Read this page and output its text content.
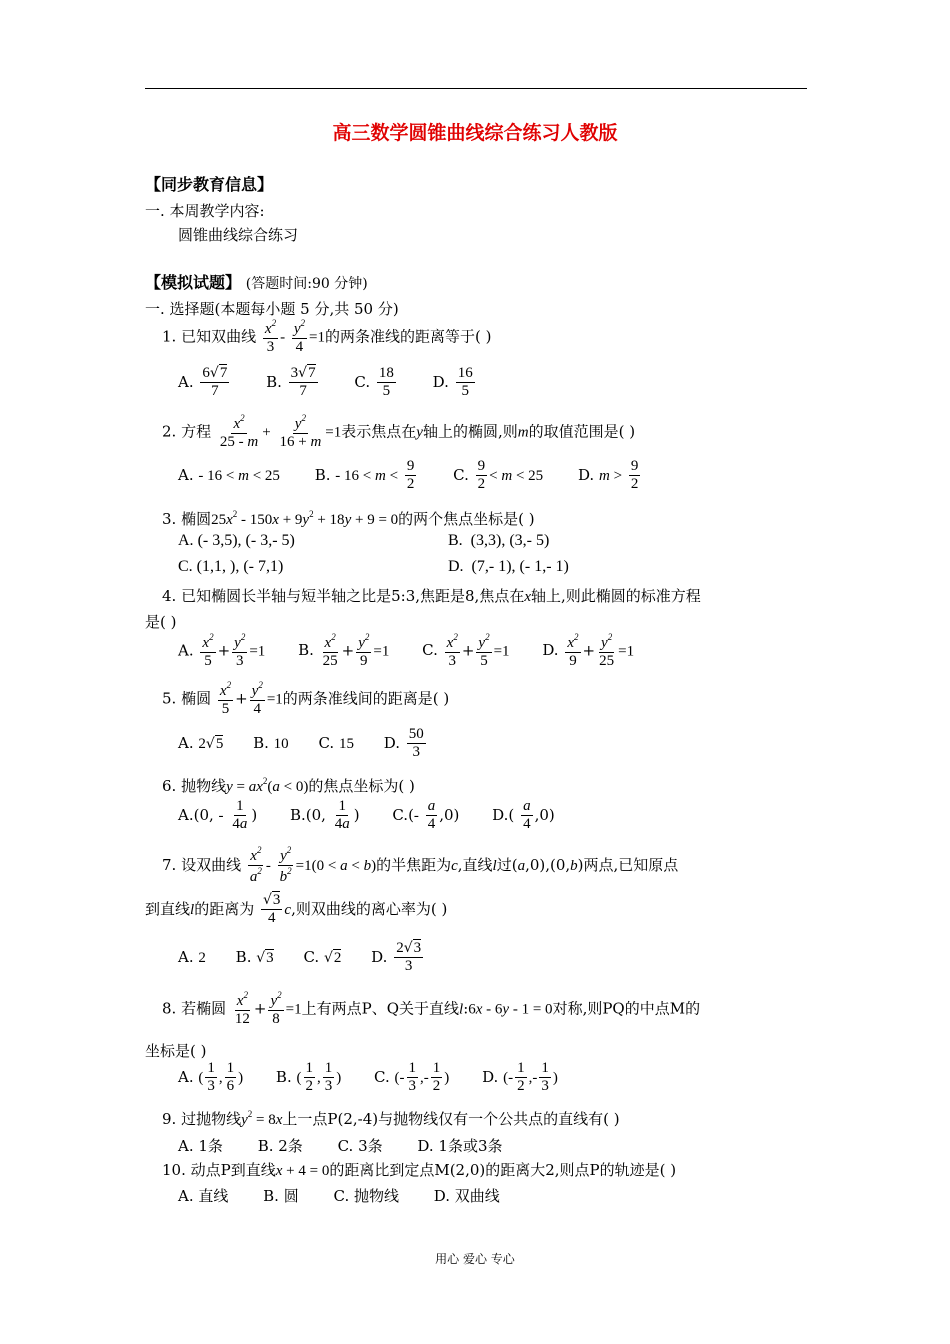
高三数学圆锥曲线综合练习人教版
【同步教育信息】
一. 本周教学内容:
圆锥曲线综合练习
【模拟试题】 (答题时间:90 分钟)
一. 选择题(本题每小题 5 分,共 50 分)
1. 已知双曲线 $\frac{x^2}{3} - \frac{y^2}{4} =1$的两条准线的距离等于( )
A. $\frac{6√7}{7} B$. $\frac{3√7}{7} C$. $\frac{18}{5} D$. $\frac{16}{5}$
2. 方程 $\frac{x^2}{25 - m} + \frac{y^2}{16 + m} =1$表示焦点在y轴上的椭圆,则m的取值范围是( )
A. - 16 < m < 25 B. - $16 < m < \frac{9}{2} C$. $\frac{9}{2} < m < 25$ D. $m > \frac{9}{2}$
3. 椭圆$25x^2 - 150x + 9y^2 + 18y + 9 = 0$的两个焦点坐标是( )
A. (- 3,5), (- 3,- 5)	B.  (3,3), (3,- 5)
C. (1,1, ), (- 7,1)	D.  (7,- 1), (- 1,- 1)
4. 已知椭圆长半轴与短半轴之比是5:3,焦距是8,焦点在x轴上,则此椭圆的标准方程
是( )
A. $\frac{x^2}{5} + \frac{y^2}{3} =1$ B. $\frac{x^2}{25} + \frac{y^2}{9} =1$ C. $\frac{x^2}{3} + \frac{y^2}{5} =1$ D. $\frac{x^2}{9} + \frac{y^2}{25} =1$
5. 椭圆 $\frac{x^2}{5} + \frac{y^2}{4} =1$的两条准线间的距离是( )
A. 2√5 B. 10 C. 15 D. $\frac{50}{3}$
6. 抛物线$y = ax^2(a < 0)$的焦点坐标为( )
A.(0, - $\frac{1}{4a}$ ) B.(0, $\frac{1}{4a}$ ) $C.(- \frac{a}{4} ,0)$ $D.( \frac{a}{4} ,0)$
7. 设双曲线 $\frac{x^2}{a^2} - \frac{y^2}{b^2} =1(0 < a < b)$的半焦距为c,直线l过(a,0),(0,b)两点,已知原点
到直线l的距离为 $\frac{√3}{4} c$,则双曲线的离心率为( )
A. 2 B. √3 C. √2 D. $\frac{2√3}{3}$
8. 若椭圆 $\frac{x^2}{12} + \frac{y^2}{8} =1$上有两点P、Q关于直线l:6x - 6y - 1 = 0对称,则PQ的中点M的
坐标是( )
A. ( $\frac{1}{3}$ , $\frac{1}{6}$ ) B. ( $\frac{1}{2}$ , $\frac{1}{3}$ ) C. (- $\frac{1}{3}$ ,- $\frac{1}{2}$ ) D. (- $\frac{1}{2}$ ,- $\frac{1}{3}$ )
9. 过抛物线$y^2 = 8x$上一点P(2,-4)与抛物线仅有一个公共点的直线有( )
A. 1条 B. 2条 C. 3条 D. 1条或3条
10. 动点P到直线x + 4 = 0的距离比到定点M(2,0)的距离大2,则点P的轨迹是( )
A. 直线 B. 圆 C. 抛物线 D. 双曲线
用心 爱心 专心
